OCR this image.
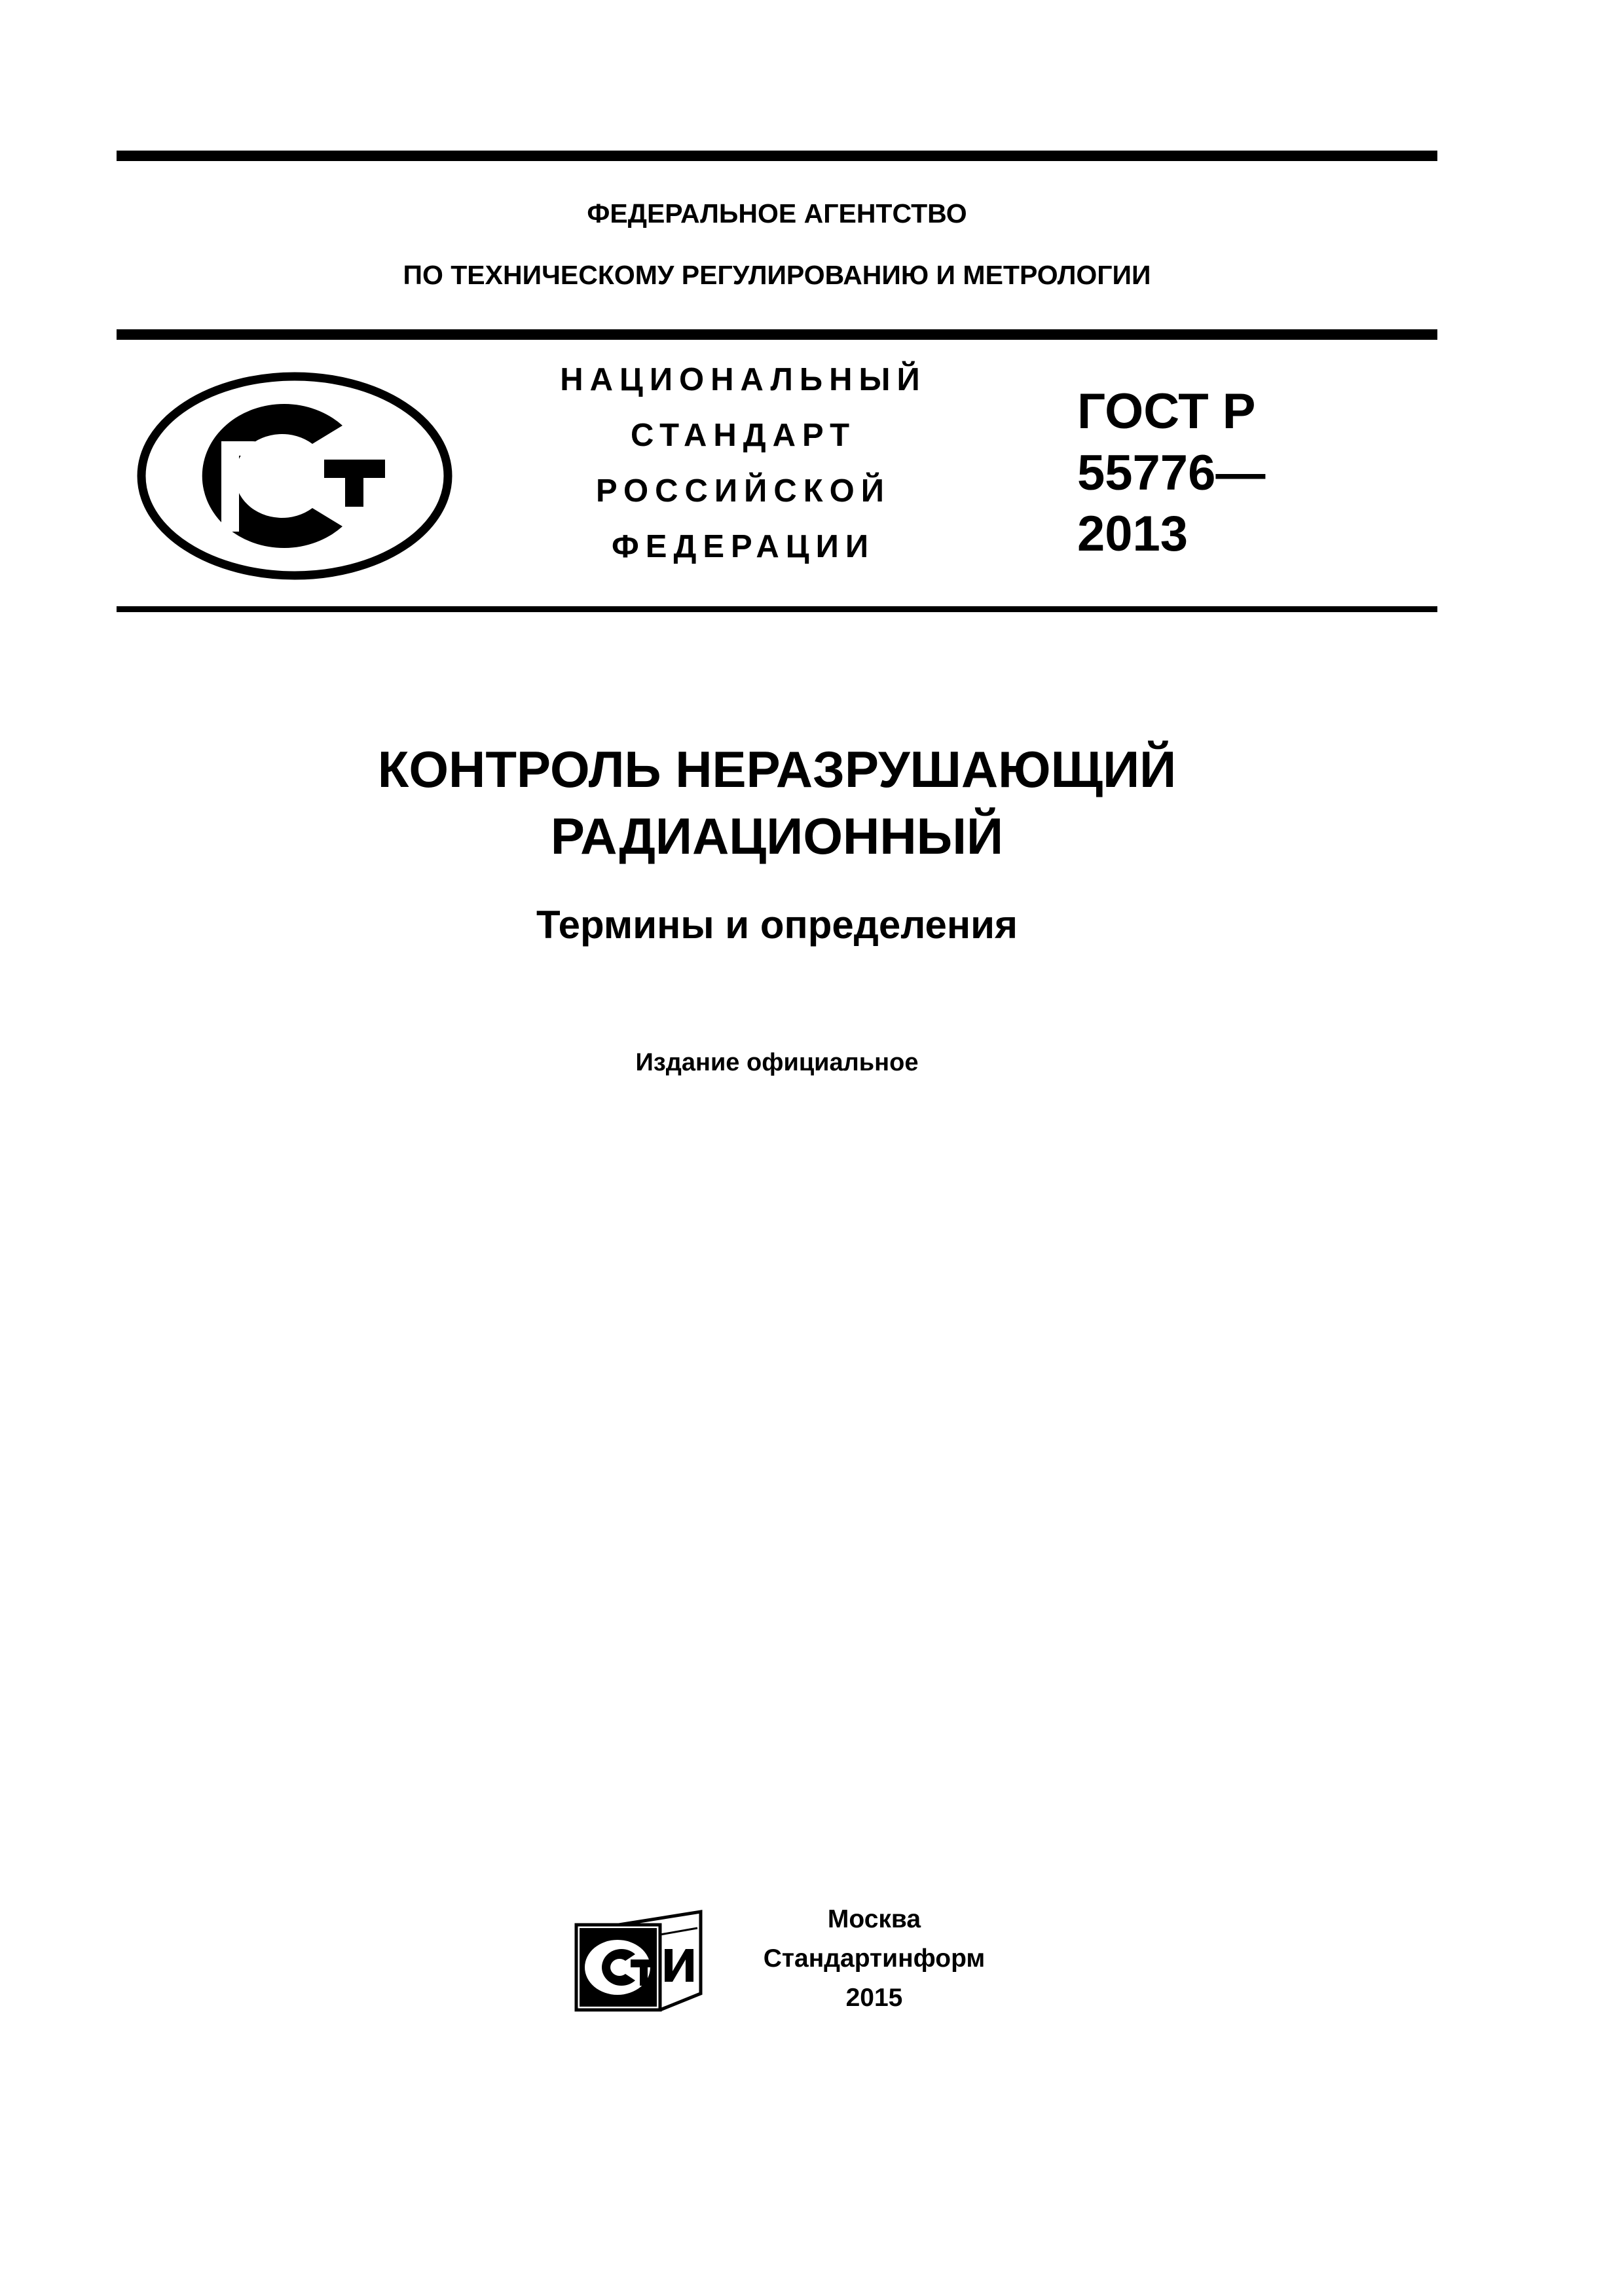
ФЕДЕРАЛЬНОЕ АГЕНТСТВО
ПО ТЕХНИЧЕСКОМУ РЕГУЛИРОВАНИЮ И МЕТРОЛОГИИ
НАЦИОНАЛЬНЫЙ
СТАНДАРТ
РОССИЙСКОЙ
ФЕДЕРАЦИИ
ГОСТ Р
55776—
2013
КОНТРОЛЬ НЕРАЗРУШАЮЩИЙ
РАДИАЦИОННЫЙ
Термины и определения
Издание официальное
Москва
Стандартинформ
2015
